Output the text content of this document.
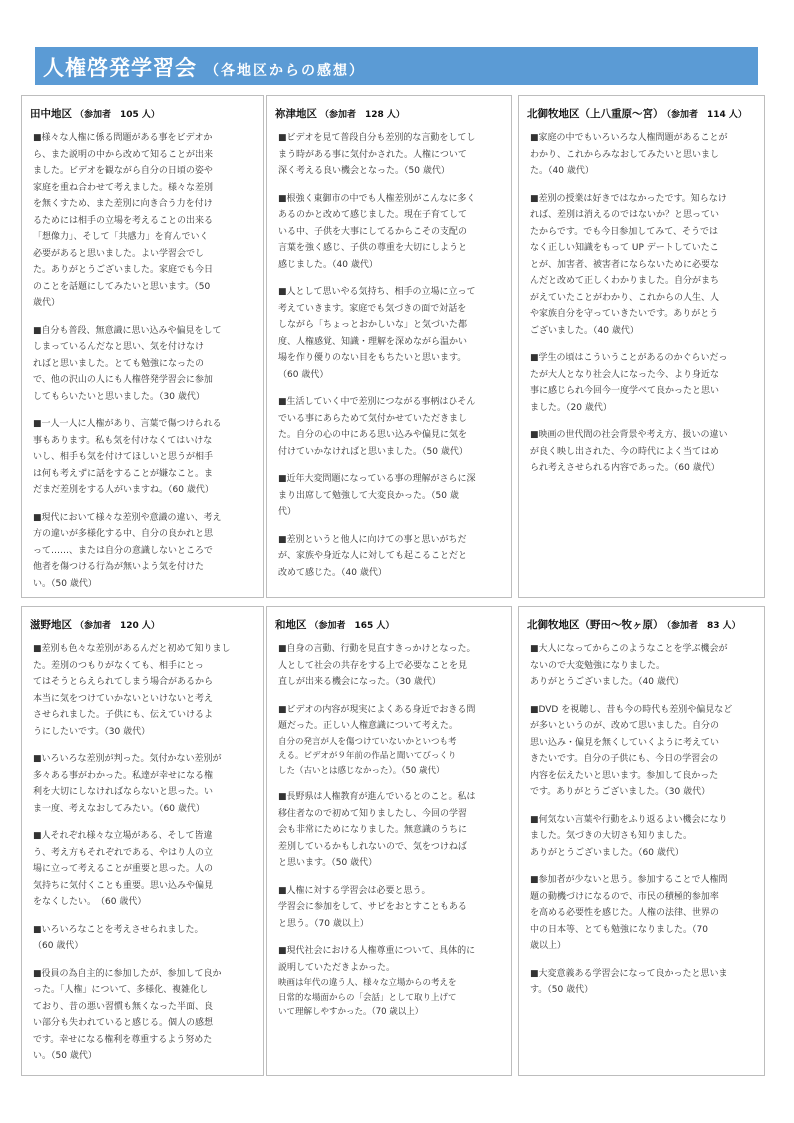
人権啓発学習会 （各地区からの感想）
田中地区 （参加者　105 人）
■様々な人権に係る問題がある事をビデオか
ら、また説明の中から改めて知ることが出来
ました。ビデオを観ながら自分の日頃の姿や
家庭を重ね合わせて考えました。様々な差別
を無くすため、また差別に向き合う力を付け
るためには相手の立場を考えることの出来る
「想像力」、そして「共感力」を育んでいく
必要があると思いました。よい学習会でし
た。ありがとうございました。家庭でも今日
のことを話題にしてみたいと思います。（50
歳代）
■自分も普段、無意識に思い込みや偏見をして
しまっているんだなと思い、気を付けなけ
ればと思いました。とても勉強になったの
で、他の沢山の人にも人権啓発学習会に参加
してもらいたいと思いました。（30 歳代）
■一人一人に人権があり、言葉で傷つけられる
事もあります。私も気を付けなくてはいけな
いし、相手も気を付けてほしいと思うが相手
は何も考えずに話をすることが嫌なこと。ま
だまだ差別をする人がいますね。（60 歳代）
■現代において様々な差別や意識の違い、考え
方の違いが多様化する中、自分の良かれと思
って……、または自分の意識しないところで
他者を傷つける行為が無いよう気を付けた
い。（50 歳代）
祢津地区 （参加者　128 人）
■ビデオを見て普段自分も差別的な言動をしてし
まう時がある事に気付かされた。人権について
深く考える良い機会となった。（50 歳代）
■根強く東御市の中でも人権差別がこんなに多く
あるのかと改めて感じました。現在子育てして
いる中、子供を大事にしてるからこその支配の
言葉を強く感じ、子供の尊重を大切にしようと
感じました。（40 歳代）
■人として思いやる気持ち、相手の立場に立って
考えていきます。家庭でも気づきの面で対話を
しながら「ちょっとおかしいな」と気づいた都
度、人権感覚、知識・理解を深めながら温かい
場を作り優りのない目をもちたいと思います。
（60 歳代）
■生活していく中で差別につながる事柄はひそん
でいる事にあらためて気付かせていただきまし
た。自分の心の中にある思い込みや偏見に気を
付けていかなければと思いました。（50 歳代）
■近年大変問題になっている事の理解がさらに深
まり出席して勉強して大変良かった。（50 歳
代）
■差別というと他人に向けての事と思いがちだ
が、家族や身近な人に対しても起こることだと
改めて感じた。（40 歳代）
北御牧地区（上八重原～宮） （参加者　114 人）
■家庭の中でもいろいろな人権問題があることが
わかり、これからみなおしてみたいと思いまし
た。（40 歳代）
■差別の授業は好きではなかったです。知らなけ
れば、差別は消えるのではないか？と思ってい
たからです。でも今日参加してみて、そうでは
なく正しい知識をもって UP デートしていたこ
とが、加害者、被害者にならないために必要な
んだと改めて正しくわかりました。自分がまち
がえていたことがわかり、これからの人生、人
や家族自分を守っていきたいです。ありがとう
ございました。（40 歳代）
■学生の頃はこういうことがあるのかぐらいだっ
たが大人となり社会人になった今、より身近な
事に感じられ今回今一度学べて良かったと思い
ました。（20 歳代）
■映画の世代間の社会背景や考え方、扱いの違い
が良く映し出された、今の時代によく当てはめ
られ考えさせられる内容であった。（60 歳代）
滋野地区 （参加者　120 人）
■差別も色々な差別があるんだと初めて知りまし
た。差別のつもりがなくても、相手にとっ
てはそうとらえられてしまう場合があるから
本当に気をつけていかないといけないと考え
させられました。子供にも、伝えていけるよ
うにしたいです。（30 歳代）
■いろいろな差別が判った。気付かない差別が
多々ある事がわかった。私達が幸せになる権
利を大切にしなければならないと思った。い
ま一度、考えなおしてみたい。（60 歳代）
■人それぞれ様々な立場がある、そして皆違
う、考え方もそれぞれである、やはり人の立
場に立って考えることが重要と思った。人の
気持ちに気付くことも重要。思い込みや偏見
をなくしたい。　（60 歳代）
■いろいろなことを考えさせられました。
（60 歳代）
■役員の為自主的に参加したが、参加して良か
った。「人権」について、多様化、複雑化し
ており、昔の悪い習慣も無くなった半面、良
い部分も失われていると感じる。個人の感想
です。幸せになる権利を尊重するよう努めた
い。（50 歳代）
和地区 （参加者　165 人）
■自身の言動、行動を見直すきっかけとなった。
人として社会の共存をする上で必要なことを見
直しが出来る機会になった。（30 歳代）
■ビデオの内容が現実によくある身近でおきる問
題だった。正しい人権意識について考えた。
自分の発言が人を傷つけていないかといつも考
える。ビデオが９年前の作品と聞いてびっくり
した（古いとは感じなかった）。（50 歳代）
■長野県は人権教育が進んでいるとのこと。私は
移住者なので初めて知りましたし、今回の学習
会も非常にためになりました。無意識のうちに
差別しているかもしれないので、気をつけねば
と思います。（50 歳代）
■人権に対する学習会は必要と思う。
学習会に参加をして、サビをおとすこともある
と思う。（70 歳以上）
■現代社会における人権尊重について、具体的に
説明していただきよかった。
映画は年代の違う人、様々な立場からの考えを
日常的な場面からの「会話」として取り上げて
いて理解しやすかった。（70 歳以上）
北御牧地区（野田～牧ヶ原） （参加者　83 人）
■大人になってからこのようなことを学ぶ機会が
ないので大変勉強になりました。
ありがとうございました。（40 歳代）
■DVD を視聴し、昔も今の時代も差別や偏見など
が多いというのが、改めて思いました。自分の
思い込み・偏見を無くしていくように考えてい
きたいです。自分の子供にも、今日の学習会の
内容を伝えたいと思います。参加して良かった
です。ありがとうございました。（30 歳代）
■何気ない言葉や行動をふり返るよい機会になり
ました。気づきの大切さも知りました。
ありがとうございました。（60 歳代）
■参加者が少ないと思う。参加することで人権問
題の動機づけになるので、市民の積極的参加率
を高める必要性を感じた。人権の法律、世界の
中の日本等、とても勉強になりました。（70
歳以上）
■大変意義ある学習会になって良かったと思いま
す。（50 歳代）
